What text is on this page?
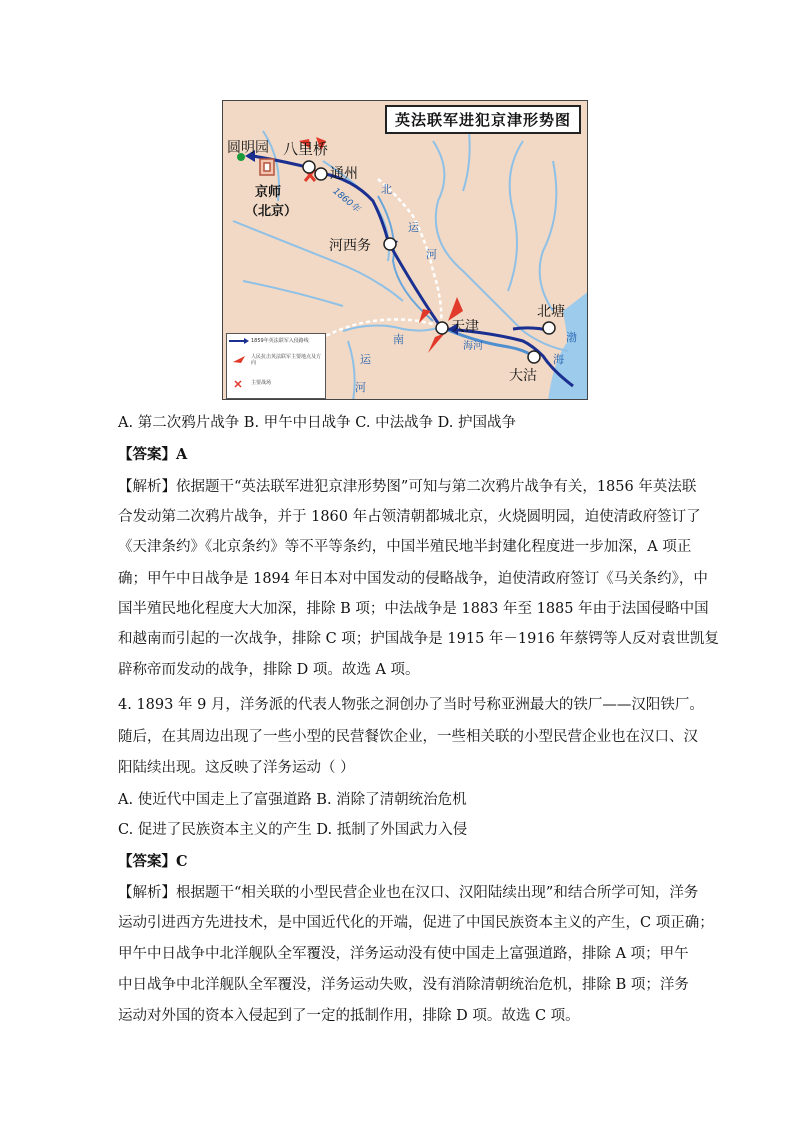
英法联军进犯京津形势图
圆明园 八里桥
通州
京师
（北京）
河西务
天津
北塘
大沽
北
1860年
运
河
南
运
河
海河
渤
海
1859年英法联军入侵路线
人民抗击英法联军主要地点及方向
主要战场
A. 第二次鸦片战争 B. 甲午中日战争 C. 中法战争 D. 护国战争
【答案】A
【解析】依据题干“英法联军进犯京津形势图”可知与第二次鸦片战争有关，1856 年英法联
合发动第二次鸦片战争，并于 1860 年占领清朝都城北京，火烧圆明园，迫使清政府签订了
《天津条约》《北京条约》等不平等条约，中国半殖民地半封建化程度进一步加深，A 项正
确；甲午中日战争是 1894 年日本对中国发动的侵略战争，迫使清政府签订《马关条约》，中
国半殖民地化程度大大加深，排除 B 项；中法战争是 1883 年至 1885 年由于法国侵略中国
和越南而引起的一次战争，排除 C 项；护国战争是 1915 年－1916 年蔡锷等人反对袁世凯复
辟称帝而发动的战争，排除 D 项。故选 A 项。
4. 1893 年 9 月，洋务派的代表人物张之洞创办了当时号称亚洲最大的铁厂——汉阳铁厂。
随后，在其周边出现了一些小型的民营餐饮企业，一些相关联的小型民营企业也在汉口、汉
阳陆续出现。这反映了洋务运动（ ）
A. 使近代中国走上了富强道路 B. 消除了清朝统治危机
C. 促进了民族资本主义的产生 D. 抵制了外国武力入侵
【答案】C
【解析】根据题干“相关联的小型民营企业也在汉口、汉阳陆续出现”和结合所学可知，洋务
运动引进西方先进技术，是中国近代化的开端，促进了中国民族资本主义的产生，C 项正确；
甲午中日战争中北洋舰队全军覆没，洋务运动没有使中国走上富强道路，排除 A 项；甲午
中日战争中北洋舰队全军覆没，洋务运动失败，没有消除清朝统治危机，排除 B 项；洋务
运动对外国的资本入侵起到了一定的抵制作用，排除 D 项。故选 C 项。
